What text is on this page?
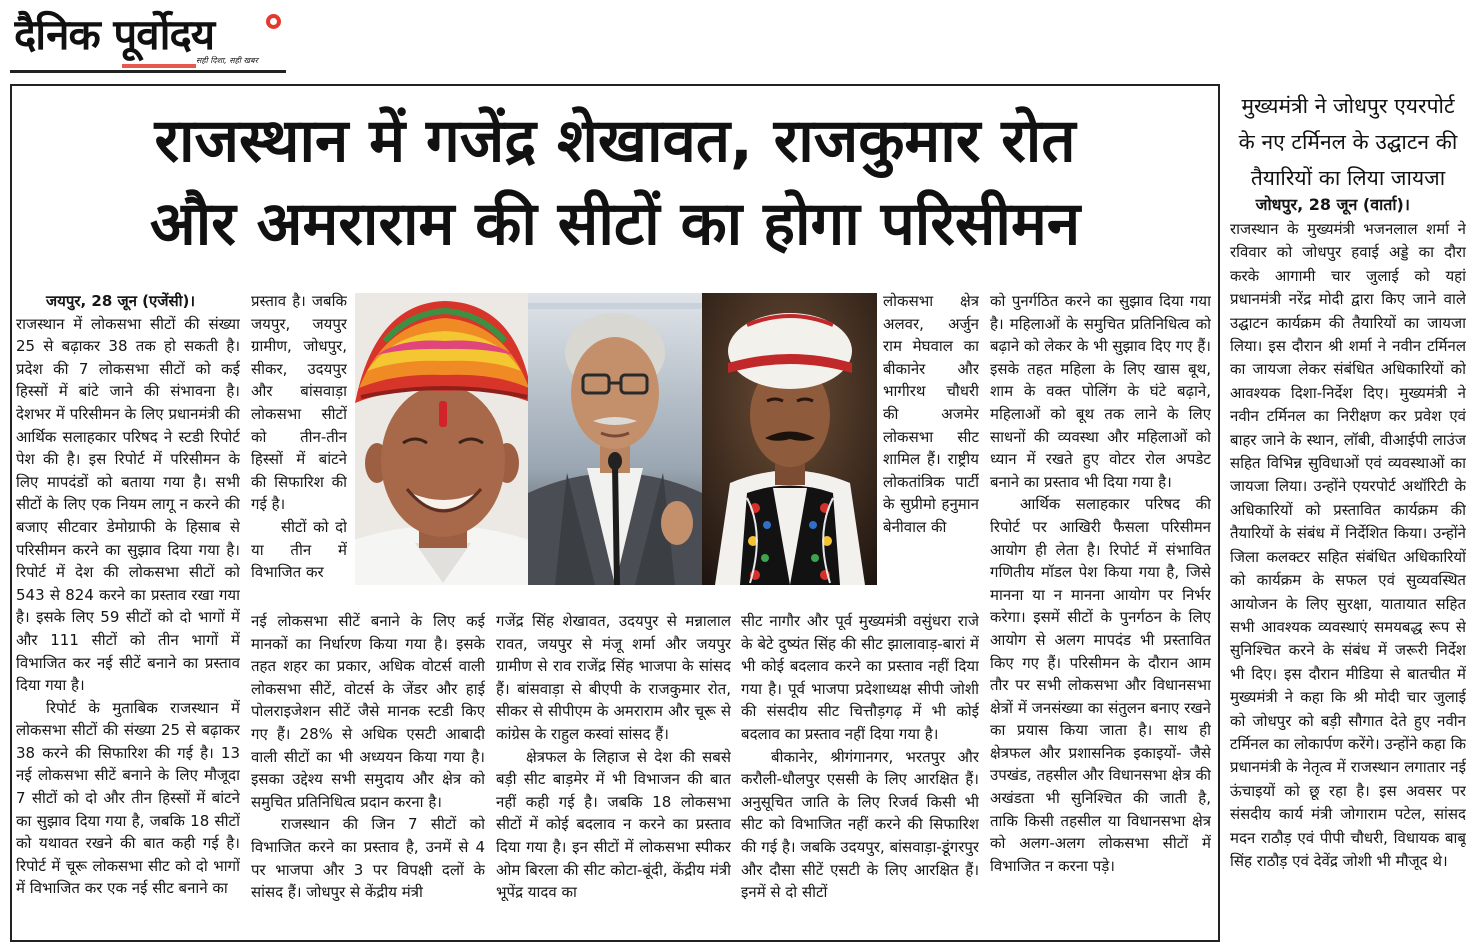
दैनिक पूर्वोदय
सही दिशा, सही खबर
राजस्थान में गजेंद्र शेखावत, राजकुमार रोत
और अमराराम की सीटों का होगा परिसीमन

जयपुर, 28 जून (एजेंसी)।

राजस्थान में लोकसभा सीटों की संख्या 25 से बढ़ाकर 38 तक हो सकती है। प्रदेश की 7 लोकसभा सीटों को कई हिस्सों में बांटे जाने की संभावना है। देशभर में परिसीमन के लिए प्रधानमंत्री की आर्थिक सलाहकार परिषद ने स्टडी रिपोर्ट पेश की है। इस रिपोर्ट में परिसीमन के लिए मापदंडों को बताया गया है। सभी सीटों के लिए एक नियम लागू न करने की बजाए सीटवार डेमोग्राफी के हिसाब से परिसीमन करने का सुझाव दिया गया है। रिपोर्ट में देश की लोकसभा सीटों को 543 से 824 करने का प्रस्ताव रखा गया है। इसके लिए 59 सीटों को दो भागों में और 111 सीटों को तीन भागों में विभाजित कर नई सीटें बनाने का प्रस्ताव दिया गया है।

रिपोर्ट के मुताबिक राजस्थान में लोकसभा सीटों की संख्या 25 से बढ़ाकर 38 करने की सिफारिश की गई है। 13 नई लोकसभा सीटें बनाने के लिए मौजूदा 7 सीटों को दो और तीन हिस्सों में बांटने का सुझाव दिया गया है, जबकि 18 सीटों को यथावत रखने की बात कही गई है। रिपोर्ट में चूरू लोकसभा सीट को दो भागों में विभाजित कर एक नई सीट बनाने का

प्रस्ताव है। जबकि जयपुर, जयपुर ग्रामीण, जोधपुर, सीकर, उदयपुर और बांसवाड़ा लोकसभा सीटों को तीन-तीन हिस्सों में बांटने की सिफारिश की गई है।

सीटों को दो या तीन में विभाजित कर

नई लोकसभा सीटें बनाने के लिए कई मानकों का निर्धारण किया गया है। इसके तहत शहर का प्रकार, अधिक वोटर्स वाली लोकसभा सीटें, वोटर्स के जेंडर और हाई पोलराइजेशन सीटें जैसे मानक स्टडी किए गए हैं। 28% से अधिक एसटी आबादी वाली सीटों का भी अध्ययन किया गया है। इसका उद्देश्य सभी समुदाय और क्षेत्र को समुचित प्रतिनिधित्व प्रदान करना है।

राजस्थान की जिन 7 सीटों को विभाजित करने का प्रस्ताव है, उनमें से 4 पर भाजपा और 3 पर विपक्षी दलों के सांसद हैं। जोधपुर से केंद्रीय मंत्री

गजेंद्र सिंह शेखावत, उदयपुर से मन्नालाल रावत, जयपुर से मंजू शर्मा और जयपुर ग्रामीण से राव राजेंद्र सिंह भाजपा के सांसद हैं। बांसवाड़ा से बीएपी के राजकुमार रोत, सीकर से सीपीएम के अमराराम और चूरू से कांग्रेस के राहुल कस्वां सांसद हैं।

क्षेत्रफल के लिहाज से देश की सबसे बड़ी सीट बाड़मेर में भी विभाजन की बात नहीं कही गई है। जबकि 18 लोकसभा सीटों में कोई बदलाव न करने का प्रस्ताव दिया गया है। इन सीटों में लोकसभा स्पीकर ओम बिरला की सीट कोटा-बूंदी, केंद्रीय मंत्री भूपेंद्र यादव का

लोकसभा क्षेत्र अलवर, अर्जुन राम मेघवाल का बीकानेर और भागीरथ चौधरी की अजमेर लोकसभा सीट शामिल हैं। राष्ट्रीय लोकतांत्रिक पार्टी के सुप्रीमो हनुमान बेनीवाल की

सीट नागौर और पूर्व मुख्यमंत्री वसुंधरा राजे के बेटे दुष्यंत सिंह की सीट झालावाड़-बारां में भी कोई बदलाव करने का प्रस्ताव नहीं दिया गया है। पूर्व भाजपा प्रदेशाध्यक्ष सीपी जोशी की संसदीय सीट चित्तौड़गढ़ में भी कोई बदलाव का प्रस्ताव नहीं दिया गया है।

बीकानेर, श्रीगंगानगर, भरतपुर और करौली-धौलपुर एससी के लिए आरक्षित हैं। अनुसूचित जाति के लिए रिजर्व किसी भी सीट को विभाजित नहीं करने की सिफारिश की गई है। जबकि उदयपुर, बांसवाड़ा-डूंगरपुर और दौसा सीटें एसटी के लिए आरक्षित हैं। इनमें से दो सीटों

को पुनर्गठित करने का सुझाव दिया गया है। महिलाओं के समुचित प्रतिनिधित्व को बढ़ाने को लेकर के भी सुझाव दिए गए हैं। इसके तहत महिला के लिए खास बूथ, शाम के वक्त पोलिंग के घंटे बढ़ाने, महिलाओं को बूथ तक लाने के लिए साधनों की व्यवस्था और महिलाओं को ध्यान में रखते हुए वोटर रोल अपडेट बनाने का प्रस्ताव भी दिया गया है।

आर्थिक सलाहकार परिषद की रिपोर्ट पर आखिरी फैसला परिसीमन आयोग ही लेता है। रिपोर्ट में संभावित गणितीय मॉडल पेश किया गया है, जिसे मानना या न मानना आयोग पर निर्भर करेगा। इसमें सीटों के पुनर्गठन के लिए आयोग से अलग मापदंड भी प्रस्तावित किए गए हैं। परिसीमन के दौरान आम तौर पर सभी लोकसभा और विधानसभा क्षेत्रों में जनसंख्या का संतुलन बनाए रखने का प्रयास किया जाता है। साथ ही क्षेत्रफल और प्रशासनिक इकाइयों- जैसे उपखंड, तहसील और विधानसभा क्षेत्र की अखंडता भी सुनिश्चित की जाती है, ताकि किसी तहसील या विधानसभा क्षेत्र को अलग-अलग लोकसभा सीटों में विभाजित न करना पड़े।

मुख्यमंत्री ने जोधपुर एयरपोर्ट
के नए टर्मिनल के उद्घाटन की
तैयारियों का लिया जायजा
जोधपुर, 28 जून (वार्ता)।

राजस्थान के मुख्यमंत्री भजनलाल शर्मा ने रविवार को जोधपुर हवाई अड्डे का दौरा करके आगामी चार जुलाई को यहां प्रधानमंत्री नरेंद्र मोदी द्वारा किए जाने वाले उद्घाटन कार्यक्रम की तैयारियों का जायजा लिया। इस दौरान श्री शर्मा ने नवीन टर्मिनल का जायजा लेकर संबंधित अधिकारियों को आवश्यक दिशा-निर्देश दिए। मुख्यमंत्री ने नवीन टर्मिनल का निरीक्षण कर प्रवेश एवं बाहर जाने के स्थान, लॉबी, वीआईपी लाउंज सहित विभिन्न सुविधाओं एवं व्यवस्थाओं का जायजा लिया। उन्होंने एयरपोर्ट अथॉरिटी के अधिकारियों को प्रस्तावित कार्यक्रम की तैयारियों के संबंध में निर्देशित किया। उन्होंने जिला कलक्टर सहित संबंधित अधिकारियों को कार्यक्रम के सफल एवं सुव्यवस्थित आयोजन के लिए सुरक्षा, यातायात सहित सभी आवश्यक व्यवस्थाएं समयबद्ध रूप से सुनिश्चित करने के संबंध में जरूरी निर्देश भी दिए। इस दौरान मीडिया से बातचीत में मुख्यमंत्री ने कहा कि श्री मोदी चार जुलाई को जोधपुर को बड़ी सौगात देते हुए नवीन टर्मिनल का लोकार्पण करेंगे। उन्होंने कहा कि प्रधानमंत्री के नेतृत्व में राजस्थान लगातार नई ऊंचाइयों को छू रहा है। इस अवसर पर संसदीय कार्य मंत्री जोगाराम पटेल, सांसद मदन राठौड़ एवं पीपी चौधरी, विधायक बाबू सिंह राठौड़ एवं देवेंद्र जोशी भी मौजूद थे।
